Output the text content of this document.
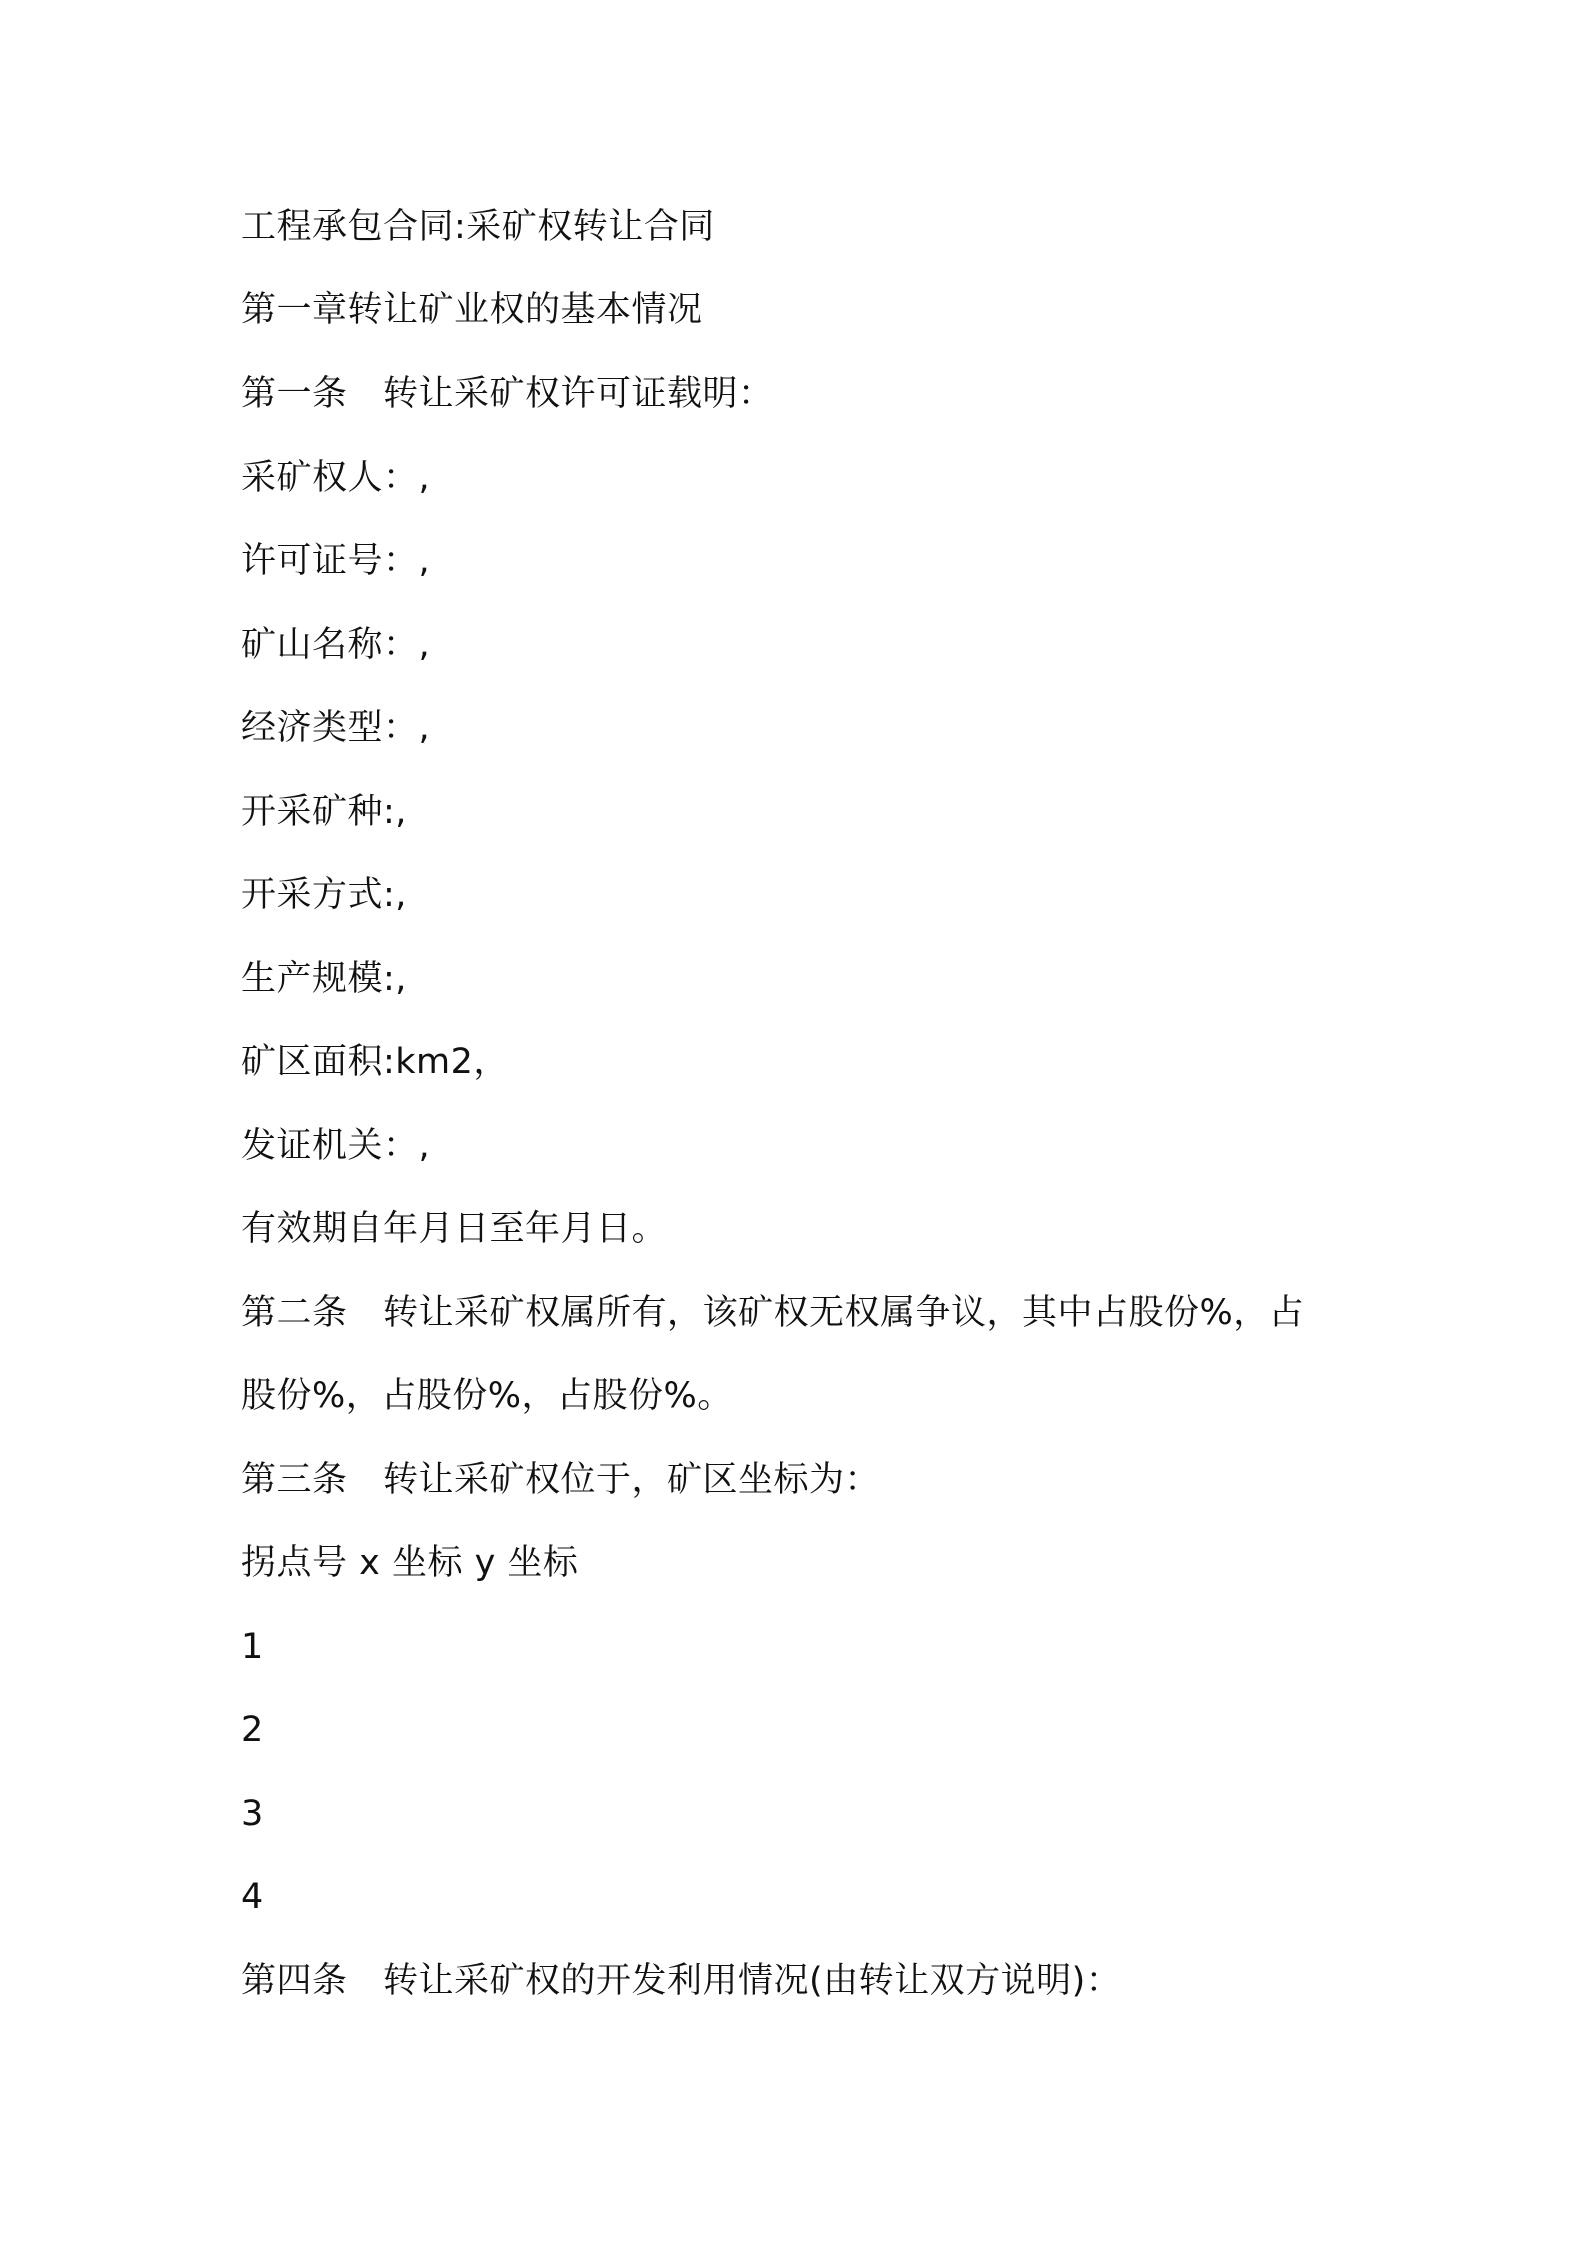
工程承包合同:采矿权转让合同
第一章转让矿业权的基本情况
第一条　转让采矿权许可证载明：
采矿权人：,
许可证号：,
矿山名称：,
经济类型：,
开采矿种:,
开采方式:,
生产规模:,
矿区面积:km2，
发证机关：,
有效期自年月日至年月日。
第二条　转让采矿权属所有，该矿权无权属争议，其中占股份%，占
股份%，占股份%，占股份%。
第三条　转让采矿权位于，矿区坐标为：
拐点号 x 坐标 y 坐标
1
2
3
4
第四条　转让采矿权的开发利用情况(由转让双方说明)：
